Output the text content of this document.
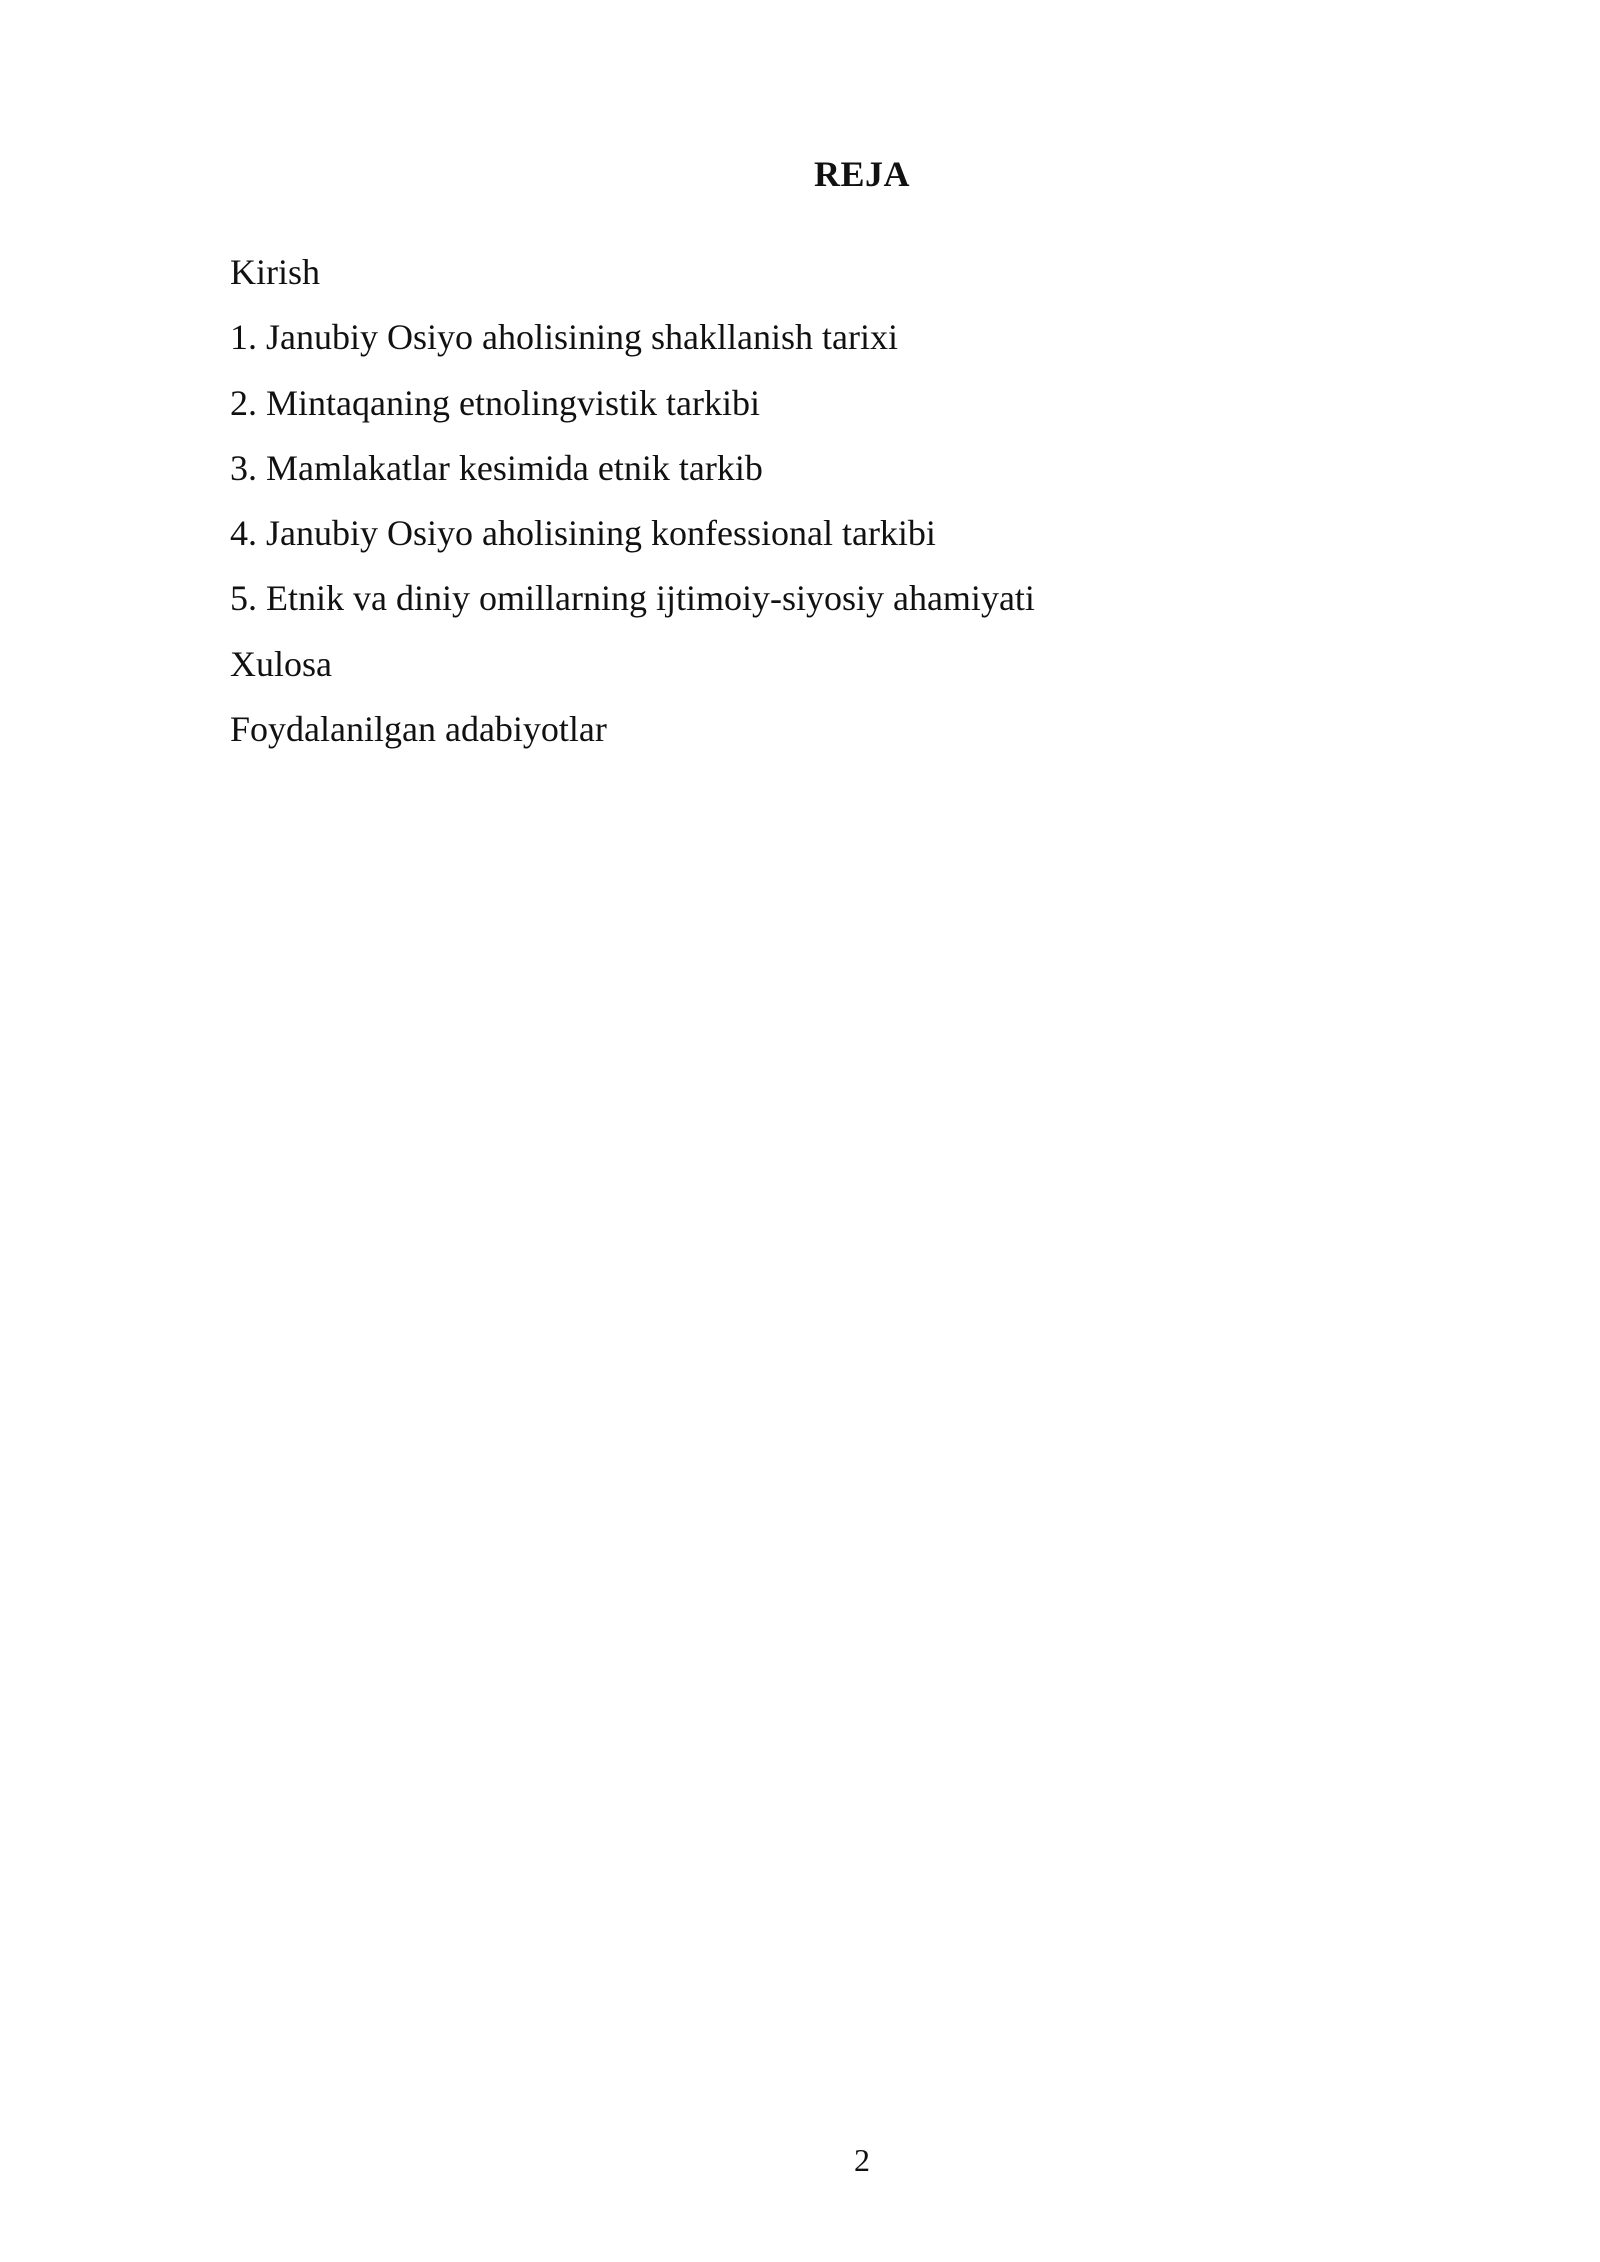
REJA
Kirish
1. Janubiy Osiyo aholisining shakllanish tarixi
2. Mintaqaning etnolingvistik tarkibi
3. Mamlakatlar kesimida etnik tarkib
4. Janubiy Osiyo aholisining konfessional tarkibi
5. Etnik va diniy omillarning ijtimoiy-siyosiy ahamiyati
Xulosa
Foydalanilgan adabiyotlar
2
